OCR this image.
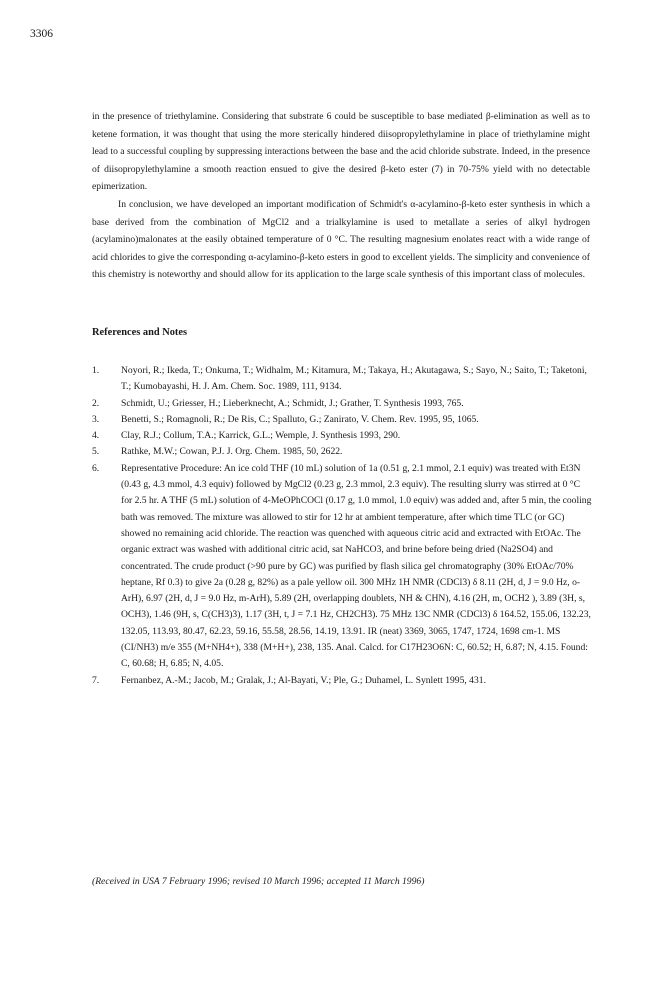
3306

in the presence of triethylamine. Considering that substrate 6 could be susceptible to base mediated β-elimination as well as to ketene formation, it was thought that using the more sterically hindered diisopropylethylamine in place of triethylamine might lead to a successful coupling by suppressing interactions between the base and the acid chloride substrate. Indeed, in the presence of diisopropylethylamine a smooth reaction ensued to give the desired β-keto ester (7) in 70-75% yield with no detectable epimerization.

In conclusion, we have developed an important modification of Schmidt's α-acylamino-β-keto ester synthesis in which a base derived from the combination of MgCl2 and a trialkylamine is used to metallate a series of alkyl hydrogen (acylamino)malonates at the easily obtained temperature of 0 °C. The resulting magnesium enolates react with a wide range of acid chlorides to give the corresponding α-acylamino-β-keto esters in good to excellent yields. The simplicity and convenience of this chemistry is noteworthy and should allow for its application to the large scale synthesis of this important class of molecules.

References and Notes
1.	Noyori, R.; Ikeda, T.; Onkuma, T.; Widhalm, M.; Kitamura, M.; Takaya, H.; Akutagawa, S.; Sayo, N.; Saito, T.; Taketoni, T.; Kumobayashi, H. J. Am. Chem. Soc. 1989, 111, 9134.
2.	Schmidt, U.; Griesser, H.; Lieberknecht, A.; Schmidt, J.; Grather, T. Synthesis 1993, 765.
3.	Benetti, S.; Romagnoli, R.; De Ris, C.; Spalluto, G.; Zanirato, V. Chem. Rev. 1995, 95, 1065.
4.	Clay, R.J.; Collum, T.A.; Karrick, G.L.; Wemple, J. Synthesis 1993, 290.
5.	Rathke, M.W.; Cowan, P.J. J. Org. Chem. 1985, 50, 2622.
6.	Representative Procedure: An ice cold THF (10 mL) solution of 1a (0.51 g, 2.1 mmol, 2.1 equiv) was treated with Et3N (0.43 g, 4.3 mmol, 4.3 equiv) followed by MgCl2 (0.23 g, 2.3 mmol, 2.3 equiv). The resulting slurry was stirred at 0 °C for 2.5 hr. A THF (5 mL) solution of 4-MeOPhCOCl (0.17 g, 1.0 mmol, 1.0 equiv) was added and, after 5 min, the cooling bath was removed. The mixture was allowed to stir for 12 hr at ambient temperature, after which time TLC (or GC) showed no remaining acid chloride. The reaction was quenched with aqueous citric acid and extracted with EtOAc. The organic extract was washed with additional citric acid, sat NaHCO3, and brine before being dried (Na2SO4) and concentrated. The crude product (>90 pure by GC) was purified by flash silica gel chromatography (30% EtOAc/70% heptane, Rf 0.3) to give 2a (0.28 g, 82%) as a pale yellow oil. 300 MHz 1H NMR (CDCl3) δ 8.11 (2H, d, J = 9.0 Hz, o-ArH), 6.97 (2H, d, J = 9.0 Hz, m-ArH), 5.89 (2H, overlapping doublets, NH & CHN), 4.16 (2H, m, OCH2 ), 3.89 (3H, s, OCH3), 1.46 (9H, s, C(CH3)3), 1.17 (3H, t, J = 7.1 Hz, CH2CH3). 75 MHz 13C NMR (CDCl3) δ 164.52, 155.06, 132.23, 132.05, 113.93, 80.47, 62.23, 59.16, 55.58, 28.56, 14.19, 13.91. IR (neat) 3369, 3065, 1747, 1724, 1698 cm-1. MS (CI/NH3) m/e 355 (M+NH4+), 338 (M+H+), 238, 135. Anal. Calcd. for C17H23O6N: C, 60.52; H, 6.87; N, 4.15. Found: C, 60.68; H, 6.85; N, 4.05.
7.	Fernanbez, A.-M.; Jacob, M.; Gralak, J.; Al-Bayati, V.; Ple, G.; Duhamel, L. Synlett 1995, 431.
(Received in USA 7 February 1996; revised 10 March 1996; accepted 11 March 1996)
